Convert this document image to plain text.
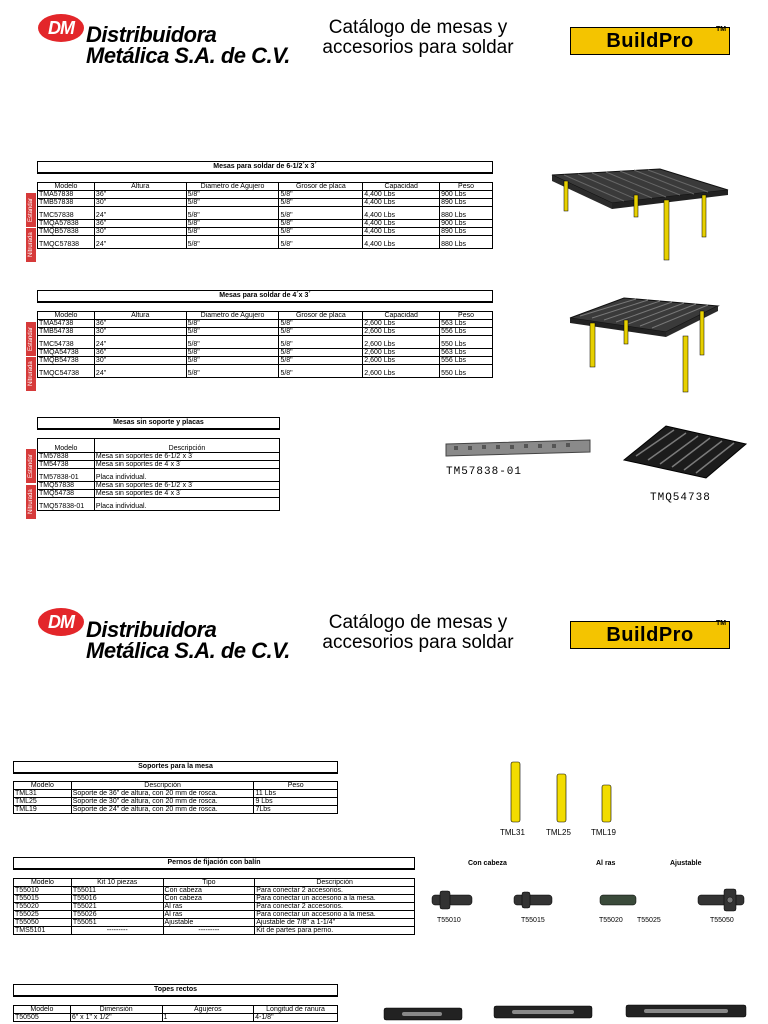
DM Distribuidora
Metálica S.A. de C.V.
Catálogo de mesas y
accesorios para soldar	BuildPro	TM
Mesas para soldar de 6-1/2´x 3´
Estandar
Nitrurada
Modelo	Altura	Diametro de Agujero	Grosor de placa	Capacidad	Peso
TMA57838	36"	5/8"	5/8"	4,400 Lbs	900 Lbs
TMB57838	30"	5/8"	5/8"	4,400 Lbs	890 Lbs
TMC57838	24"	5/8"	5/8"	4,400 Lbs	880 Lbs
TMQA57838	36"	5/8"	5/8"	4,400 Lbs	900 Lbs
TMQB57838	30"	5/8"	5/8"	4,400 Lbs	890 Lbs
TMQC57838	24"	5/8"	5/8"	4,400 Lbs	880 Lbs
Mesas para soldar de 4´x 3´
Estandar
Nitrurada
Modelo	Altura	Diametro de Agujero	Grosor de placa	Capacidad	Peso
TMA54738	36"	5/8"	5/8"	2,600 Lbs	563 Lbs
TMB54738	30"	5/8"	5/8"	2,600 Lbs	556 Lbs
TMC54738	24"	5/8"	5/8"	2,600 Lbs	550 Lbs
TMQA54738	36"	5/8"	5/8"	2,600 Lbs	563 Lbs
TMQB54738	30"	5/8"	5/8"	2,600 Lbs	556 Lbs
TMQC54738	24"	5/8"	5/8"	2,600 Lbs	550 Lbs
Mesas sin soporte y placas
Estandar
Nitrurada
Modelo	Descripción
TM57838	Mesa sin soportes de 6-1/2´x 3´
TM54738	Mesa sin soportes de 4´x 3´
TM57838-01	Placa individual.
TMQ57838	Mesa sin soportes de 6-1/2´x 3´
TMQ54738	Mesa sin soportes de 4´x 3´
TMQ57838-01	Placa individual.
TM57838-01
TMQ54738
DM Distribuidora
Metálica S.A. de C.V.
Catálogo de mesas y
accesorios para soldar	BuildPro	TM
Soportes para la mesa
Modelo	Descripción	Peso
TML31	Soporte de 36" de altura, con 20 mm de rosca.	11 Lbs
TML25	Soporte de 30" de altura, con 20 mm de rosca.	9 Lbs
TML19	Soporte de 24" de altura, con 20 mm de rosca.	7Lbs
TML31	TML25	TML19
Pernos de fijación con balín
Modelo	Kit 10 piezas	Tipo	Descripción
T55010	T55011	Con cabeza	Para conectar 2 accesorios.
T55015	T55016	Con cabeza	Para conectar un accesorio a la mesa.
T55020	T55021	Al ras	Para conectar 2 accesorios.
T55025	T55026	Al ras	Para conectar un accesorio a la mesa.
T55050	T55051	Ajustable	Ajustable de 7/8" a 1-1/4"
TMS5101	---------	---------	Kit de partes para perno.
Con cabeza	Al ras	Ajustable
T55010	T55015	T55020 T55025	T55050
Topes rectos
Modelo	Dimensión	Agujeros	Longitud de ranura
T50505	6" x 1" x 1/2"	1	4-1/8"
